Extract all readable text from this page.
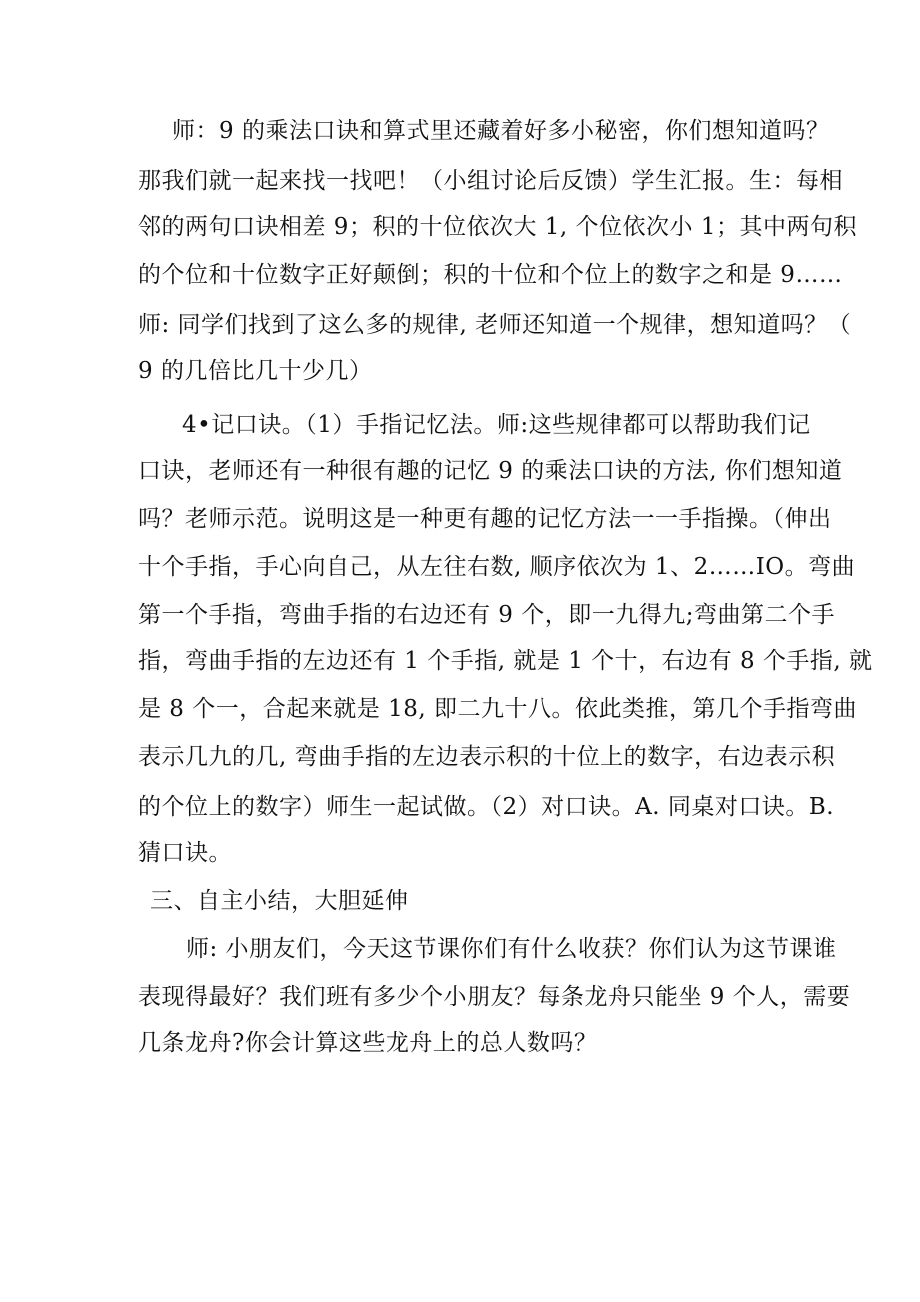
师：9 的乘法口诀和算式里还藏着好多小秘密，你们想知道吗？
那我们就一起来找一找吧！（小组讨论后反馈）学生汇报。生：每相
邻的两句口诀相差 9；积的十位依次大 1, 个位依次小 1；其中两句积
的个位和十位数字正好颠倒；积的十位和个位上的数字之和是 9……
师: 同学们找到了这么多的规律, 老师还知道一个规律，想知道吗？（
9 的几倍比几十少几）
4•记口诀。（1）手指记忆法。师:这些规律都可以帮助我们记
口诀，老师还有一种很有趣的记忆 9 的乘法口诀的方法, 你们想知道
吗？老师示范。说明这是一种更有趣的记忆方法一一手指操。（伸出
十个手指，手心向自己，从左往右数, 顺序依次为 1、2……IO。弯曲
第一个手指，弯曲手指的右边还有 9 个，即一九得九;弯曲第二个手
指，弯曲手指的左边还有 1 个手指, 就是 1 个十，右边有 8 个手指, 就
是 8 个一，合起来就是 18, 即二九十八。依此类推，第几个手指弯曲
表示几九的几, 弯曲手指的左边表示积的十位上的数字，右边表示积
的个位上的数字）师生一起试做。（2）对口诀。A. 同桌对口诀。B.
猜口诀。
三、自主小结，大胆延伸
师: 小朋友们，今天这节课你们有什么收获？你们认为这节课谁
表现得最好？我们班有多少个小朋友？每条龙舟只能坐 9 个人，需要
几条龙舟?你会计算这些龙舟上的总人数吗？
